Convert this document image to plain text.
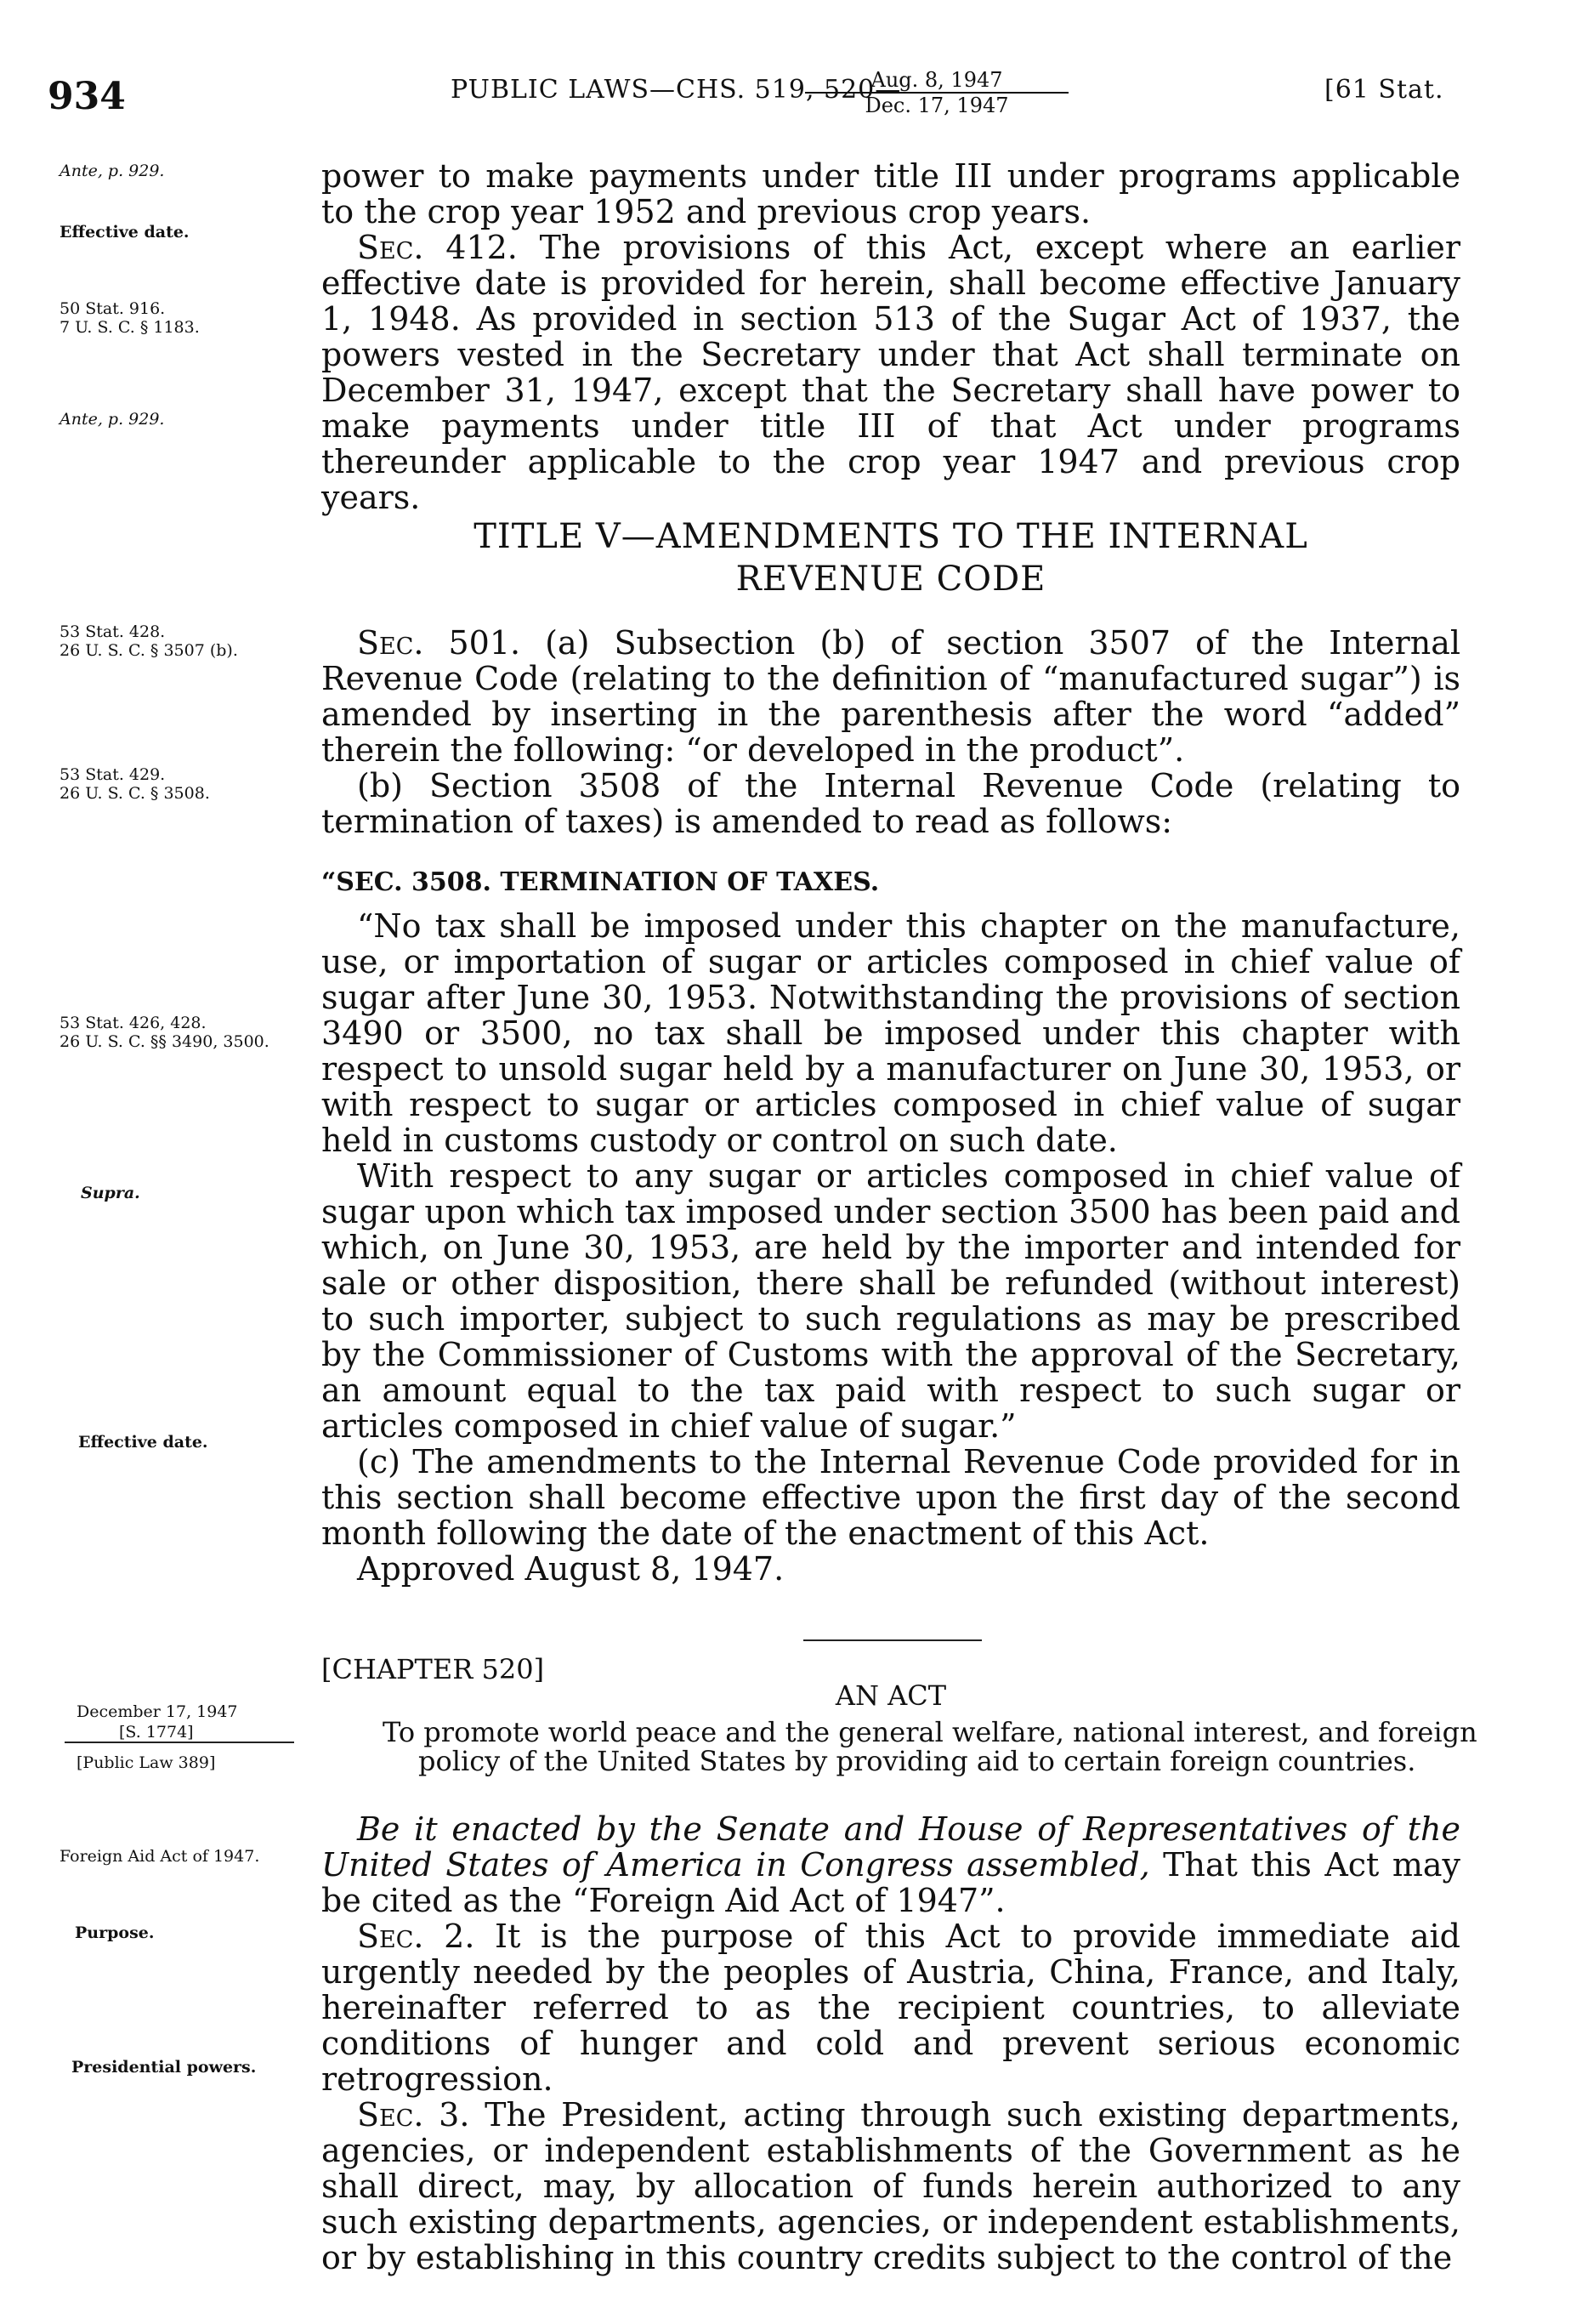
934	PUBLIC LAWS—CHS. 519, 520—
Aug. 8, 1947
Dec. 17, 1947
[61 Stat.
Ante, p. 929.
Effective date.
50 Stat. 916.
7 U. S. C. § 1183.
Ante, p. 929.
53 Stat. 428.
26 U. S. C. § 3507 (b).
53 Stat. 429.
26 U. S. C. § 3508.
53 Stat. 426, 428.
26 U. S. C. §§ 3490, 3500.
Supra.
Effective date.
December 17, 1947
[S. 1774]
[Public Law 389]
Foreign Aid Act of 1947.
Purpose.
Presidential powers.

power to make payments under title III under programs applicable to the crop year 1952 and previous crop years.

Sec. 412. The provisions of this Act, except where an earlier effective date is provided for herein, shall become effective January 1, 1948. As provided in section 513 of the Sugar Act of 1937, the powers vested in the Secretary under that Act shall terminate on December 31, 1947, except that the Secretary shall have power to make payments under title III of that Act under programs thereunder applicable to the crop year 1947 and previous crop years.

TITLE V—AMENDMENTS TO THE INTERNAL
REVENUE CODE

Sec. 501. (a) Subsection (b) of section 3507 of the Internal Revenue Code (relating to the definition of “manufactured sugar”) is amended by inserting in the parenthesis after the word “added” therein the following: “or developed in the product”.

(b) Section 3508 of the Internal Revenue Code (relating to termination of taxes) is amended to read as follows:

“SEC. 3508. TERMINATION OF TAXES.

“No tax shall be imposed under this chapter on the manufacture, use, or importation of sugar or articles composed in chief value of sugar after June 30, 1953. Notwithstanding the provisions of section 3490 or 3500, no tax shall be imposed under this chapter with respect to unsold sugar held by a manufacturer on June 30, 1953, or with respect to sugar or articles composed in chief value of sugar held in customs custody or control on such date.

With respect to any sugar or articles composed in chief value of sugar upon which tax imposed under section 3500 has been paid and which, on June 30, 1953, are held by the importer and intended for sale or other disposition, there shall be refunded (without interest) to such importer, subject to such regulations as may be prescribed by the Commissioner of Customs with the approval of the Secretary, an amount equal to the tax paid with respect to such sugar or articles composed in chief value of sugar.”

(c) The amendments to the Internal Revenue Code provided for in this section shall become effective upon the first day of the second month following the date of the enactment of this Act.

Approved August 8, 1947.

[CHAPTER 520]
AN ACT
To promote world peace and the general welfare, national interest, and foreign policy of the United States by providing aid to certain foreign countries.

Be it enacted by the Senate and House of Representatives of the United States of America in Congress assembled, That this Act may be cited as the “Foreign Aid Act of 1947”.

Sec. 2. It is the purpose of this Act to provide immediate aid urgently needed by the peoples of Austria, China, France, and Italy, hereinafter referred to as the recipient countries, to alleviate conditions of hunger and cold and prevent serious economic retrogression.

Sec. 3. The President, acting through such existing departments, agencies, or independent establishments of the Government as he shall direct, may, by allocation of funds herein authorized to any such existing departments, agencies, or independent establishments, or by establishing in this country credits subject to the control of the
